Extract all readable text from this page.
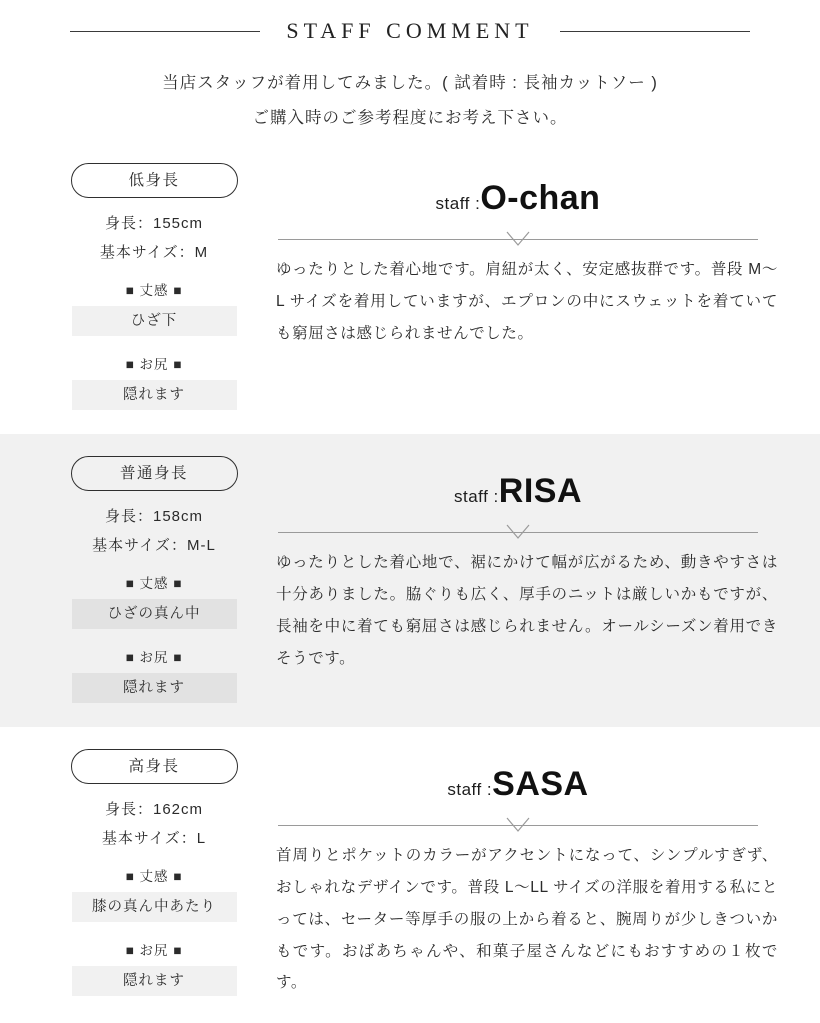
STAFF COMMENT
当店スタッフが着用してみました。( 試着時 : 長袖カットソー )
ご購入時のご参考程度にお考え下さい。
低身長
身長：155cm
基本サイズ：M
■ 丈感 ■
ひざ下
■ お尻 ■
隠れます
staff :O-chan
ゆったりとした着心地です。肩紐が太く、安定感抜群です。普段 M〜L サイズを着用していますが、エプロンの中にスウェットを着ていても窮屈さは感じられませんでした。
普通身長
身長：158cm
基本サイズ：M-L
■ 丈感 ■
ひざの真ん中
■ お尻 ■
隠れます
staff :RISA
ゆったりとした着心地で、裾にかけて幅が広がるため、動きやすさは十分ありました。脇ぐりも広く、厚手のニットは厳しいかもですが、長袖を中に着ても窮屈さは感じられません。オールシーズン着用できそうです。
高身長
身長：162cm
基本サイズ：L
■ 丈感 ■
膝の真ん中あたり
■ お尻 ■
隠れます
staff :SASA
首周りとポケットのカラーがアクセントになって、シンプルすぎず、おしゃれなデザインです。普段 L〜LL サイズの洋服を着用する私にとっては、セーター等厚手の服の上から着ると、腕周りが少しきついかもです。おばあちゃんや、和菓子屋さんなどにもおすすめの１枚です。
